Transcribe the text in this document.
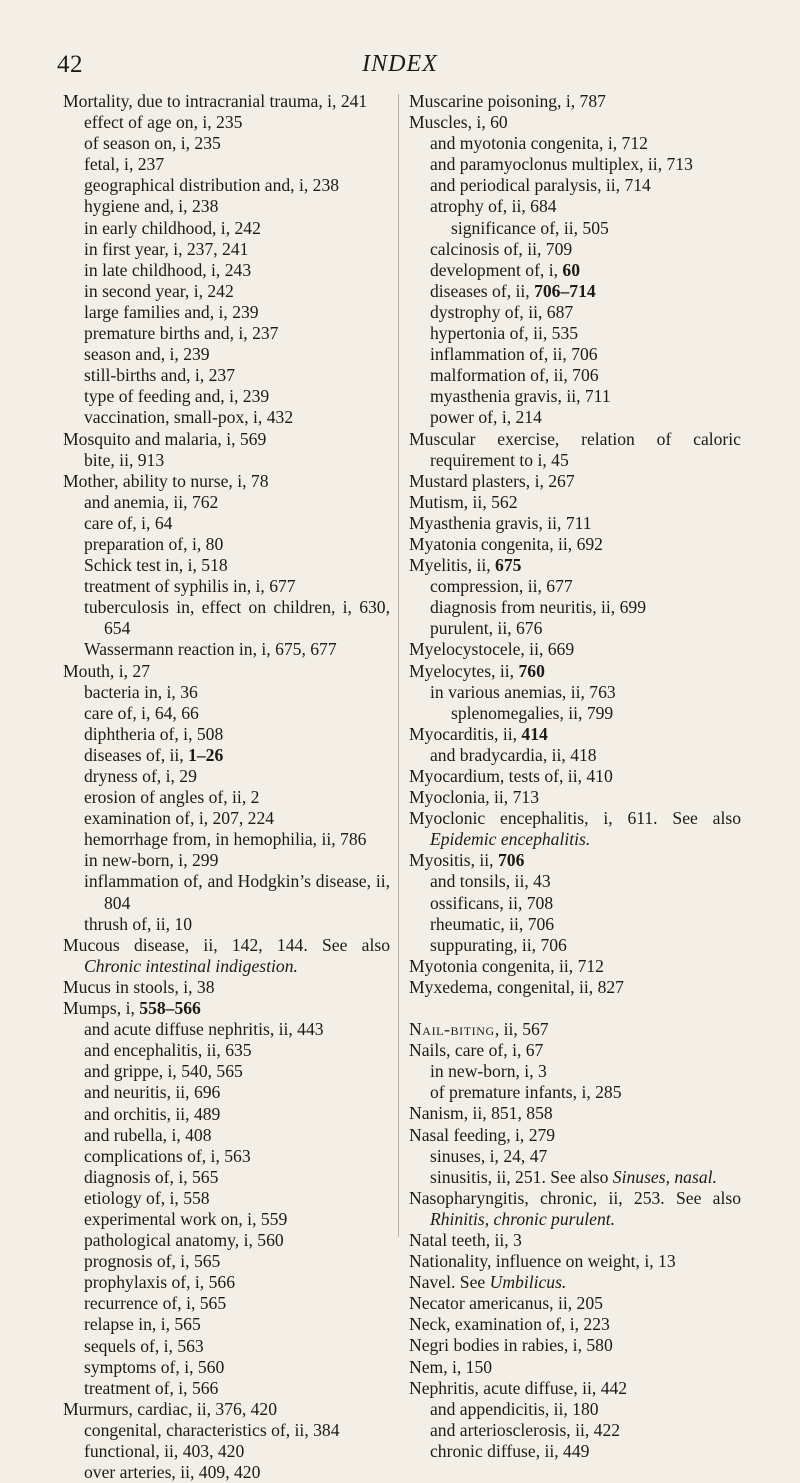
42	INDEX
Mortality, due to intracranial trauma, i, 241
effect of age on, i, 235
of season on, i, 235
fetal, i, 237
geographical distribution and, i, 238
hygiene and, i, 238
in early childhood, i, 242
in first year, i, 237, 241
in late childhood, i, 243
in second year, i, 242
large families and, i, 239
premature births and, i, 237
season and, i, 239
still-births and, i, 237
type of feeding and, i, 239
vaccination, small-pox, i, 432
Mosquito and malaria, i, 569
bite, ii, 913
Mother, ability to nurse, i, 78
and anemia, ii, 762
care of, i, 64
preparation of, i, 80
Schick test in, i, 518
treatment of syphilis in, i, 677
tuberculosis in, effect on children, i, 630, 654
Wassermann reaction in, i, 675, 677
Mouth, i, 27
bacteria in, i, 36
care of, i, 64, 66
diphtheria of, i, 508
diseases of, ii, 1–26
dryness of, i, 29
erosion of angles of, ii, 2
examination of, i, 207, 224
hemorrhage from, in hemophilia, ii, 786
in new-born, i, 299
inflammation of, and Hodgkin’s disease, ii, 804
thrush of, ii, 10
Mucous disease, ii, 142, 144. See also Chronic intestinal indigestion.
Mucus in stools, i, 38
Mumps, i, 558–566
and acute diffuse nephritis, ii, 443
and encephalitis, ii, 635
and grippe, i, 540, 565
and neuritis, ii, 696
and orchitis, ii, 489
and rubella, i, 408
complications of, i, 563
diagnosis of, i, 565
etiology of, i, 558
experimental work on, i, 559
pathological anatomy, i, 560
prognosis of, i, 565
prophylaxis of, i, 566
recurrence of, i, 565
relapse in, i, 565
sequels of, i, 563
symptoms of, i, 560
treatment of, i, 566
Murmurs, cardiac, ii, 376, 420
congenital, characteristics of, ii, 384
functional, ii, 403, 420
over arteries, ii, 409, 420
Muscarine poisoning, i, 787
Muscles, i, 60
and myotonia congenita, i, 712
and paramyoclonus multiplex, ii, 713
and periodical paralysis, ii, 714
atrophy of, ii, 684
significance of, ii, 505
calcinosis of, ii, 709
development of, i, 60
diseases of, ii, 706–714
dystrophy of, ii, 687
hypertonia of, ii, 535
inflammation of, ii, 706
malformation of, ii, 706
myasthenia gravis, ii, 711
power of, i, 214
Muscular exercise, relation of caloric requirement to i, 45
Mustard plasters, i, 267
Mutism, ii, 562
Myasthenia gravis, ii, 711
Myatonia congenita, ii, 692
Myelitis, ii, 675
compression, ii, 677
diagnosis from neuritis, ii, 699
purulent, ii, 676
Myelocystocele, ii, 669
Myelocytes, ii, 760
in various anemias, ii, 763
splenomegalies, ii, 799
Myocarditis, ii, 414
and bradycardia, ii, 418
Myocardium, tests of, ii, 410
Myoclonia, ii, 713
Myoclonic encephalitis, i, 611. See also Epidemic encephalitis.
Myositis, ii, 706
and tonsils, ii, 43
ossificans, ii, 708
rheumatic, ii, 706
suppurating, ii, 706
Myotonia congenita, ii, 712
Myxedema, congenital, ii, 827
Nail-biting, ii, 567
Nails, care of, i, 67
in new-born, i, 3
of premature infants, i, 285
Nanism, ii, 851, 858
Nasal feeding, i, 279
sinuses, i, 24, 47
sinusitis, ii, 251. See also Sinuses, nasal.
Nasopharyngitis, chronic, ii, 253. See also Rhinitis, chronic purulent.
Natal teeth, ii, 3
Nationality, influence on weight, i, 13
Navel. See Umbilicus.
Necator americanus, ii, 205
Neck, examination of, i, 223
Negri bodies in rabies, i, 580
Nem, i, 150
Nephritis, acute diffuse, ii, 442
and appendicitis, ii, 180
and arteriosclerosis, ii, 422
chronic diffuse, ii, 449
